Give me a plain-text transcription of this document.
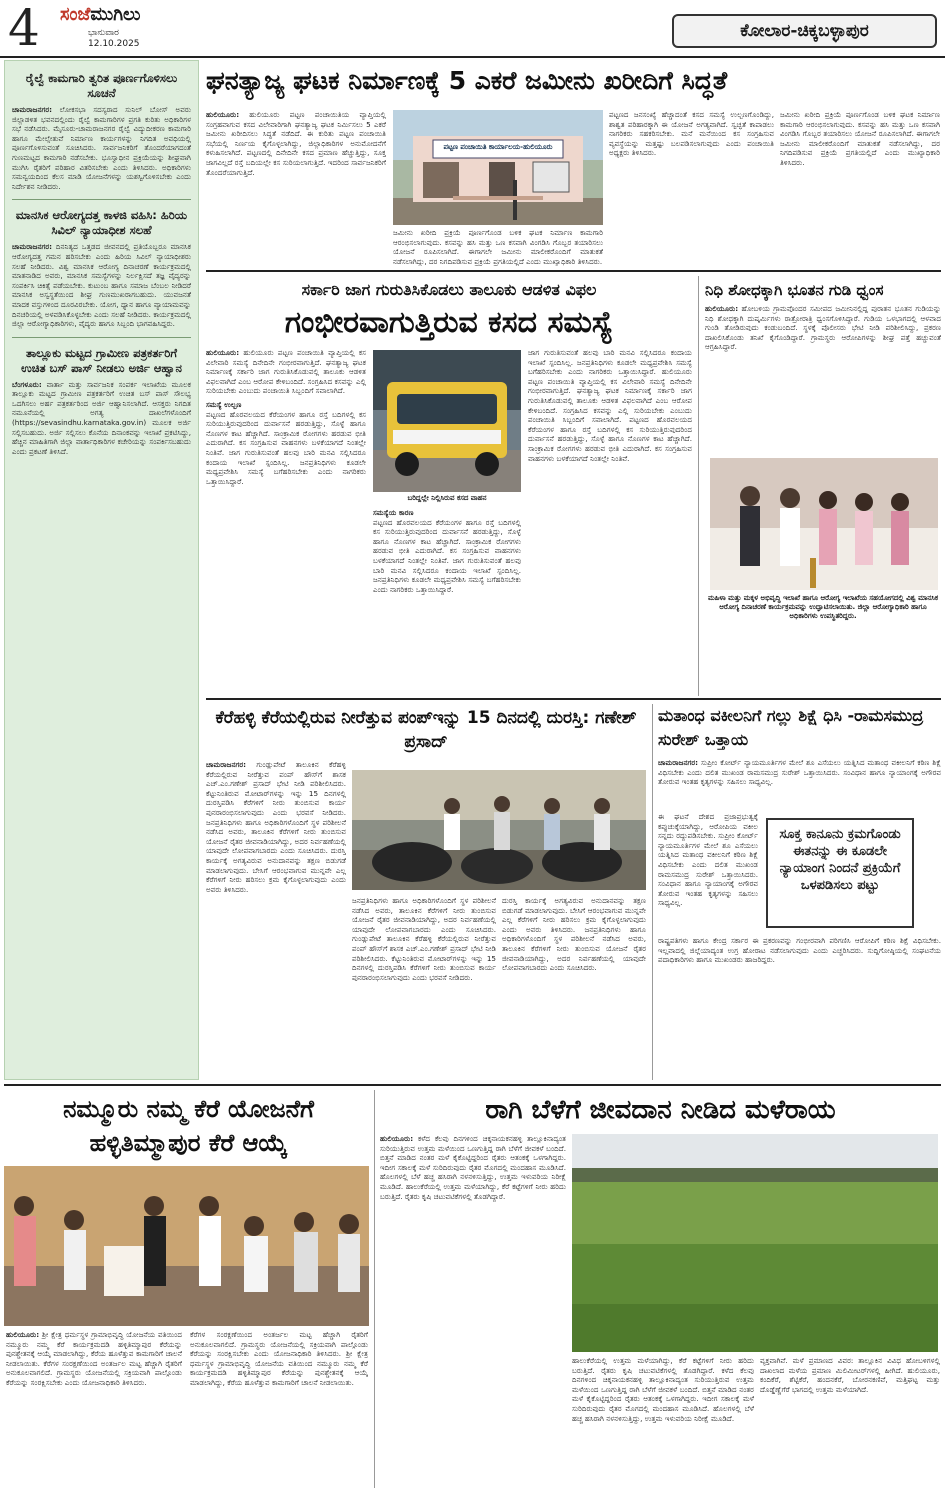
4 ಸಂಜೆಮುಗಿಲು
ಭಾನುವಾರ
12.10.2025
ಕೋಲಾರ-ಚಿಕ್ಕಬಳ್ಳಾಪುರ
ರೈಲ್ವೆ ಕಾಮಗಾರಿ ತ್ವರಿತ ಪೂರ್ಣಗೊಳಿಸಲು ಸೂಚನೆ
ಚಾಮರಾಜನಗರ: ಲೋಕಸಭಾ ಸದಸ್ಯರಾದ ಸುನಿಲ್ ಬೋಸ್ ಅವರು ಜಿಲ್ಲಾಡಳಿತ ಭವನದಲ್ಲಿಂದು ರೈಲ್ವೆ ಕಾಮಗಾರಿಗಳ ಪ್ರಗತಿ ಕುರಿತು ಅಧಿಕಾರಿಗಳ ಸಭೆ ನಡೆಸಿದರು. ಮೈಸೂರು-ಚಾಮರಾಜನಗರ ರೈಲ್ವೆ ವಿದ್ಯುದೀಕರಣ ಕಾಮಗಾರಿ ಹಾಗೂ ಮೇಲ್ಸೇತುವೆ ನಿರ್ಮಾಣ ಕಾರ್ಯಗಳನ್ನು ನಿಗದಿತ ಅವಧಿಯಲ್ಲಿ ಪೂರ್ಣಗೊಳಿಸುವಂತೆ ಸೂಚಿಸಿದರು. ಸಾರ್ವಜನಿಕರಿಗೆ ತೊಂದರೆಯಾಗದಂತೆ ಗುಣಮಟ್ಟದ ಕಾಮಗಾರಿ ನಡೆಸಬೇಕು. ಭೂಸ್ವಾಧೀನ ಪ್ರಕ್ರಿಯೆಯನ್ನು ಶೀಘ್ರವಾಗಿ ಮುಗಿಸಿ ರೈತರಿಗೆ ಪರಿಹಾರ ವಿತರಿಸಬೇಕು ಎಂದು ತಿಳಿಸಿದರು. ಅಧಿಕಾರಿಗಳು ಸಮನ್ವಯದಿಂದ ಕೆಲಸ ಮಾಡಿ ಯೋಜನೆಗಳನ್ನು ಯಶಸ್ವಿಗೊಳಿಸಬೇಕು ಎಂದು ನಿರ್ದೇಶನ ನೀಡಿದರು.
ಮಾನಸಿಕ ಆರೋಗ್ಯದತ್ತ ಕಾಳಜಿ ವಹಿಸಿ: ಹಿರಿಯ ಸಿವಿಲ್ ನ್ಯಾಯಾಧೀಶ ಸಲಹೆ
ಚಾಮರಾಜನಗರ: ದಿನನಿತ್ಯದ ಒತ್ತಡದ ಜೀವನದಲ್ಲಿ ಪ್ರತಿಯೊಬ್ಬರೂ ಮಾನಸಿಕ ಆರೋಗ್ಯದತ್ತ ಗಮನ ಹರಿಸಬೇಕು ಎಂದು ಹಿರಿಯ ಸಿವಿಲ್ ನ್ಯಾಯಾಧೀಶರು ಸಲಹೆ ನೀಡಿದರು. ವಿಶ್ವ ಮಾನಸಿಕ ಆರೋಗ್ಯ ದಿನಾಚರಣೆ ಕಾರ್ಯಕ್ರಮದಲ್ಲಿ ಮಾತನಾಡಿದ ಅವರು, ಮಾನಸಿಕ ಸಮಸ್ಯೆಗಳನ್ನು ನಿರ್ಲಕ್ಷಿಸದೆ ತಜ್ಞ ವೈದ್ಯರನ್ನು ಸಂಪರ್ಕಿಸಿ ಚಿಕಿತ್ಸೆ ಪಡೆಯಬೇಕು. ಕುಟುಂಬ ಹಾಗೂ ಸಮಾಜ ಬೆಂಬಲ ನೀಡಿದರೆ ಮಾನಸಿಕ ಅಸ್ವಸ್ಥತೆಯಿಂದ ಶೀಘ್ರ ಗುಣಮುಖರಾಗಬಹುದು. ಯುವಜನತೆ ಮಾದಕ ವಸ್ತುಗಳಿಂದ ದೂರವಿರಬೇಕು. ಯೋಗ, ಧ್ಯಾನ ಹಾಗೂ ವ್ಯಾಯಾಮವನ್ನು ದಿನಚರಿಯಲ್ಲಿ ಅಳವಡಿಸಿಕೊಳ್ಳಬೇಕು ಎಂದು ಸಲಹೆ ನೀಡಿದರು. ಕಾರ್ಯಕ್ರಮದಲ್ಲಿ ಜಿಲ್ಲಾ ಆರೋಗ್ಯಾಧಿಕಾರಿಗಳು, ವೈದ್ಯರು ಹಾಗೂ ಸಿಬ್ಬಂದಿ ಭಾಗವಹಿಸಿದ್ದರು.
ತಾಲ್ಲೂಕು ಮಟ್ಟದ ಗ್ರಾಮೀಣ ಪತ್ರಕರ್ತರಿಗೆ ಉಚಿತ ಬಸ್ ಪಾಸ್ ನೀಡಲು ಅರ್ಜಿ ಆಹ್ವಾನ
ಬೆಂಗಳೂರು: ವಾರ್ತಾ ಮತ್ತು ಸಾರ್ವಜನಿಕ ಸಂಪರ್ಕ ಇಲಾಖೆಯ ಮೂಲಕ ತಾಲ್ಲೂಕು ಮಟ್ಟದ ಗ್ರಾಮೀಣ ಪತ್ರಕರ್ತರಿಗೆ ಉಚಿತ ಬಸ್ ಪಾಸ್ ಸೌಲಭ್ಯ ಒದಗಿಸಲು ಅರ್ಹ ಪತ್ರಕರ್ತರಿಂದ ಅರ್ಜಿ ಆಹ್ವಾನಿಸಲಾಗಿದೆ. ಆಸಕ್ತರು ನಿಗದಿತ ನಮೂನೆಯಲ್ಲಿ ಅಗತ್ಯ ದಾಖಲೆಗಳೊಂದಿಗೆ (https://sevasindhu.karnataka.gov.in) ಮೂಲಕ ಅರ್ಜಿ ಸಲ್ಲಿಸಬಹುದು. ಅರ್ಜಿ ಸಲ್ಲಿಸಲು ಕೊನೆಯ ದಿನಾಂಕವನ್ನು ಇಲಾಖೆ ಪ್ರಕಟಿಸಿದ್ದು, ಹೆಚ್ಚಿನ ಮಾಹಿತಿಗಾಗಿ ಜಿಲ್ಲಾ ವಾರ್ತಾಧಿಕಾರಿಗಳ ಕಚೇರಿಯನ್ನು ಸಂಪರ್ಕಿಸಬಹುದು ಎಂದು ಪ್ರಕಟಣೆ ತಿಳಿಸಿದೆ.
ಘನತ್ಯಾಜ್ಯ ಘಟಕ ನಿರ್ಮಾಣಕ್ಕೆ 5 ಎಕರೆ ಜಮೀನು ಖರೀದಿಗೆ ಸಿದ್ಧತೆ
ಹುಲಿಯೂರು: ಹುಲಿಯೂರು ಪಟ್ಟಣ ಪಂಚಾಯಿತಿಯ ವ್ಯಾಪ್ತಿಯಲ್ಲಿ ಸಂಗ್ರಹವಾಗುವ ಕಸದ ವಿಲೇವಾರಿಗಾಗಿ ಘನತ್ಯಾಜ್ಯ ಘಟಕ ನಿರ್ಮಿಸಲು 5 ಎಕರೆ ಜಮೀನು ಖರೀದಿಸಲು ಸಿದ್ಧತೆ ನಡೆದಿದೆ. ಈ ಕುರಿತು ಪಟ್ಟಣ ಪಂಚಾಯಿತಿ ಸಭೆಯಲ್ಲಿ ನಿರ್ಣಯ ಕೈಗೊಳ್ಳಲಾಗಿದ್ದು, ಜಿಲ್ಲಾಧಿಕಾರಿಗಳ ಅನುಮೋದನೆಗೆ ಕಳುಹಿಸಲಾಗಿದೆ. ಪಟ್ಟಣದಲ್ಲಿ ದಿನೇದಿನೇ ಕಸದ ಪ್ರಮಾಣ ಹೆಚ್ಚುತ್ತಿದ್ದು, ಸೂಕ್ತ ಜಾಗವಿಲ್ಲದೆ ರಸ್ತೆ ಬದಿಯಲ್ಲೇ ಕಸ ಸುರಿಯಲಾಗುತ್ತಿದೆ. ಇದರಿಂದ ಸಾರ್ವಜನಿಕರಿಗೆ ತೊಂದರೆಯಾಗುತ್ತಿದೆ.
ಪಟ್ಟಣ ಪಂಚಾಯಿತಿ ಕಾರ್ಯಾಲಯ-ಹುಲಿಯೂರು
ಜಮೀನು ಖರೀದಿ ಪ್ರಕ್ರಿಯೆ ಪೂರ್ಣಗೊಂಡ ಬಳಿಕ ಘಟಕ ನಿರ್ಮಾಣ ಕಾಮಗಾರಿ ಆರಂಭಿಸಲಾಗುವುದು. ಕಸವನ್ನು ಹಸಿ ಮತ್ತು ಒಣ ಕಸವಾಗಿ ವಿಂಗಡಿಸಿ ಗೊಬ್ಬರ ತಯಾರಿಸಲು ಯೋಜನೆ ರೂಪಿಸಲಾಗಿದೆ. ಈಗಾಗಲೇ ಜಮೀನು ಮಾಲೀಕರೊಂದಿಗೆ ಮಾತುಕತೆ ನಡೆಸಲಾಗಿದ್ದು, ದರ ನಿಗದಿಪಡಿಸುವ ಪ್ರಕ್ರಿಯೆ ಪ್ರಗತಿಯಲ್ಲಿದೆ ಎಂದು ಮುಖ್ಯಾಧಿಕಾರಿ ತಿಳಿಸಿದರು.
ಪಟ್ಟಣದ ಜನಸಂಖ್ಯೆ ಹೆಚ್ಚಾದಂತೆ ಕಸದ ಸಮಸ್ಯೆ ಉಲ್ಬಣಗೊಂಡಿದ್ದು, ಶಾಶ್ವತ ಪರಿಹಾರಕ್ಕಾಗಿ ಈ ಯೋಜನೆ ಅಗತ್ಯವಾಗಿದೆ. ಸ್ವಚ್ಛತೆ ಕಾಪಾಡಲು ನಾಗರಿಕರು ಸಹಕರಿಸಬೇಕು. ಮನೆ ಮನೆಯಿಂದ ಕಸ ಸಂಗ್ರಹಿಸುವ ವ್ಯವಸ್ಥೆಯನ್ನು ಮತ್ತಷ್ಟು ಬಲಪಡಿಸಲಾಗುವುದು ಎಂದು ಪಂಚಾಯಿತಿ ಅಧ್ಯಕ್ಷರು ತಿಳಿಸಿದರು.
ಜಮೀನು ಖರೀದಿ ಪ್ರಕ್ರಿಯೆ ಪೂರ್ಣಗೊಂಡ ಬಳಿಕ ಘಟಕ ನಿರ್ಮಾಣ ಕಾಮಗಾರಿ ಆರಂಭಿಸಲಾಗುವುದು. ಕಸವನ್ನು ಹಸಿ ಮತ್ತು ಒಣ ಕಸವಾಗಿ ವಿಂಗಡಿಸಿ ಗೊಬ್ಬರ ತಯಾರಿಸಲು ಯೋಜನೆ ರೂಪಿಸಲಾಗಿದೆ. ಈಗಾಗಲೇ ಜಮೀನು ಮಾಲೀಕರೊಂದಿಗೆ ಮಾತುಕತೆ ನಡೆಸಲಾಗಿದ್ದು, ದರ ನಿಗದಿಪಡಿಸುವ ಪ್ರಕ್ರಿಯೆ ಪ್ರಗತಿಯಲ್ಲಿದೆ ಎಂದು ಮುಖ್ಯಾಧಿಕಾರಿ ತಿಳಿಸಿದರು.
ಸರ್ಕಾರಿ ಜಾಗ ಗುರುತಿಸಿಕೊಡಲು ತಾಲೂಕು ಆಡಳಿತ ವಿಫಲ
ಗಂಭೀರವಾಗುತ್ತಿರುವ ಕಸದ ಸಮಸ್ಯೆ
ಹುಲಿಯೂರು: ಹುಲಿಯೂರು ಪಟ್ಟಣ ಪಂಚಾಯಿತಿ ವ್ಯಾಪ್ತಿಯಲ್ಲಿ ಕಸ ವಿಲೇವಾರಿ ಸಮಸ್ಯೆ ದಿನೇದಿನೇ ಗಂಭೀರವಾಗುತ್ತಿದೆ. ಘನತ್ಯಾಜ್ಯ ಘಟಕ ನಿರ್ಮಾಣಕ್ಕೆ ಸರ್ಕಾರಿ ಜಾಗ ಗುರುತಿಸಿಕೊಡುವಲ್ಲಿ ತಾಲೂಕು ಆಡಳಿತ ವಿಫಲವಾಗಿದೆ ಎಂಬ ಆರೋಪ ಕೇಳಿಬಂದಿದೆ. ಸಂಗ್ರಹಿಸಿದ ಕಸವನ್ನು ಎಲ್ಲಿ ಸುರಿಯಬೇಕು ಎಂಬುದು ಪಂಚಾಯಿತಿ ಸಿಬ್ಬಂದಿಗೆ ಸವಾಲಾಗಿದೆ.
ಸಮಸ್ಯೆ ಉಲ್ಬಣ
ಪಟ್ಟಣದ ಹೊರವಲಯದ ಕೆರೆಯಂಗಳ ಹಾಗೂ ರಸ್ತೆ ಬದಿಗಳಲ್ಲಿ ಕಸ ಸುರಿಯುತ್ತಿರುವುದರಿಂದ ದುರ್ವಾಸನೆ ಹರಡುತ್ತಿದ್ದು, ಸೊಳ್ಳೆ ಹಾಗೂ ನೊಣಗಳ ಕಾಟ ಹೆಚ್ಚಾಗಿದೆ. ಸಾಂಕ್ರಾಮಿಕ ರೋಗಗಳು ಹರಡುವ ಭೀತಿ ಎದುರಾಗಿದೆ. ಕಸ ಸಂಗ್ರಹಿಸುವ ವಾಹನಗಳು ಬಳಕೆಯಾಗದೆ ನಿಂತಲ್ಲೇ ನಿಂತಿವೆ. ಜಾಗ ಗುರುತಿಸುವಂತೆ ಹಲವು ಬಾರಿ ಮನವಿ ಸಲ್ಲಿಸಿದರೂ ಕಂದಾಯ ಇಲಾಖೆ ಸ್ಪಂದಿಸಿಲ್ಲ. ಜನಪ್ರತಿನಿಧಿಗಳು ಕೂಡಲೇ ಮಧ್ಯಪ್ರವೇಶಿಸಿ ಸಮಸ್ಯೆ ಬಗೆಹರಿಸಬೇಕು ಎಂದು ನಾಗರಿಕರು ಒತ್ತಾಯಿಸಿದ್ದಾರೆ.
ಬರಿದ್ದಲ್ಲೇ ನಿಲ್ಲಿಸಿರುವ ಕಸದ ವಾಹನ
ಸಮಸ್ಯೆಯ ಕಾರಣ
ಪಟ್ಟಣದ ಹೊರವಲಯದ ಕೆರೆಯಂಗಳ ಹಾಗೂ ರಸ್ತೆ ಬದಿಗಳಲ್ಲಿ ಕಸ ಸುರಿಯುತ್ತಿರುವುದರಿಂದ ದುರ್ವಾಸನೆ ಹರಡುತ್ತಿದ್ದು, ಸೊಳ್ಳೆ ಹಾಗೂ ನೊಣಗಳ ಕಾಟ ಹೆಚ್ಚಾಗಿದೆ. ಸಾಂಕ್ರಾಮಿಕ ರೋಗಗಳು ಹರಡುವ ಭೀತಿ ಎದುರಾಗಿದೆ. ಕಸ ಸಂಗ್ರಹಿಸುವ ವಾಹನಗಳು ಬಳಕೆಯಾಗದೆ ನಿಂತಲ್ಲೇ ನಿಂತಿವೆ. ಜಾಗ ಗುರುತಿಸುವಂತೆ ಹಲವು ಬಾರಿ ಮನವಿ ಸಲ್ಲಿಸಿದರೂ ಕಂದಾಯ ಇಲಾಖೆ ಸ್ಪಂದಿಸಿಲ್ಲ. ಜನಪ್ರತಿನಿಧಿಗಳು ಕೂಡಲೇ ಮಧ್ಯಪ್ರವೇಶಿಸಿ ಸಮಸ್ಯೆ ಬಗೆಹರಿಸಬೇಕು ಎಂದು ನಾಗರಿಕರು ಒತ್ತಾಯಿಸಿದ್ದಾರೆ.
ಜಾಗ ಗುರುತಿಸುವಂತೆ ಹಲವು ಬಾರಿ ಮನವಿ ಸಲ್ಲಿಸಿದರೂ ಕಂದಾಯ ಇಲಾಖೆ ಸ್ಪಂದಿಸಿಲ್ಲ. ಜನಪ್ರತಿನಿಧಿಗಳು ಕೂಡಲೇ ಮಧ್ಯಪ್ರವೇಶಿಸಿ ಸಮಸ್ಯೆ ಬಗೆಹರಿಸಬೇಕು ಎಂದು ನಾಗರಿಕರು ಒತ್ತಾಯಿಸಿದ್ದಾರೆ. ಹುಲಿಯೂರು ಪಟ್ಟಣ ಪಂಚಾಯಿತಿ ವ್ಯಾಪ್ತಿಯಲ್ಲಿ ಕಸ ವಿಲೇವಾರಿ ಸಮಸ್ಯೆ ದಿನೇದಿನೇ ಗಂಭೀರವಾಗುತ್ತಿದೆ. ಘನತ್ಯಾಜ್ಯ ಘಟಕ ನಿರ್ಮಾಣಕ್ಕೆ ಸರ್ಕಾರಿ ಜಾಗ ಗುರುತಿಸಿಕೊಡುವಲ್ಲಿ ತಾಲೂಕು ಆಡಳಿತ ವಿಫಲವಾಗಿದೆ ಎಂಬ ಆರೋಪ ಕೇಳಿಬಂದಿದೆ. ಸಂಗ್ರಹಿಸಿದ ಕಸವನ್ನು ಎಲ್ಲಿ ಸುರಿಯಬೇಕು ಎಂಬುದು ಪಂಚಾಯಿತಿ ಸಿಬ್ಬಂದಿಗೆ ಸವಾಲಾಗಿದೆ. ಪಟ್ಟಣದ ಹೊರವಲಯದ ಕೆರೆಯಂಗಳ ಹಾಗೂ ರಸ್ತೆ ಬದಿಗಳಲ್ಲಿ ಕಸ ಸುರಿಯುತ್ತಿರುವುದರಿಂದ ದುರ್ವಾಸನೆ ಹರಡುತ್ತಿದ್ದು, ಸೊಳ್ಳೆ ಹಾಗೂ ನೊಣಗಳ ಕಾಟ ಹೆಚ್ಚಾಗಿದೆ. ಸಾಂಕ್ರಾಮಿಕ ರೋಗಗಳು ಹರಡುವ ಭೀತಿ ಎದುರಾಗಿದೆ. ಕಸ ಸಂಗ್ರಹಿಸುವ ವಾಹನಗಳು ಬಳಕೆಯಾಗದೆ ನಿಂತಲ್ಲೇ ನಿಂತಿವೆ.
ನಿಧಿ ಶೋಧಕ್ಕಾಗಿ ಭೂತನ ಗುಡಿ ಧ್ವಂಸ
ಹುಲಿಯೂರು: ಹೋಬಳಿಯ ಗ್ರಾಮವೊಂದರ ಸಮೀಪದ ಜಮೀನಿನಲ್ಲಿದ್ದ ಪುರಾತನ ಭೂತನ ಗುಡಿಯನ್ನು ನಿಧಿ ಶೋಧಕ್ಕಾಗಿ ದುಷ್ಕರ್ಮಿಗಳು ರಾತ್ರೋರಾತ್ರಿ ಧ್ವಂಸಗೊಳಿಸಿದ್ದಾರೆ. ಗುಡಿಯ ಒಳಭಾಗದಲ್ಲಿ ಆಳವಾದ ಗುಂಡಿ ತೋಡಿರುವುದು ಕಂಡುಬಂದಿದೆ. ಸ್ಥಳಕ್ಕೆ ಪೊಲೀಸರು ಭೇಟಿ ನೀಡಿ ಪರಿಶೀಲಿಸಿದ್ದು, ಪ್ರಕರಣ ದಾಖಲಿಸಿಕೊಂಡು ತನಿಖೆ ಕೈಗೊಂಡಿದ್ದಾರೆ. ಗ್ರಾಮಸ್ಥರು ಆರೋಪಿಗಳನ್ನು ಶೀಘ್ರ ಪತ್ತೆ ಹಚ್ಚುವಂತೆ ಆಗ್ರಹಿಸಿದ್ದಾರೆ.
ಮಹಿಳಾ ಮತ್ತು ಮಕ್ಕಳ ಅಭಿವೃದ್ಧಿ ಇಲಾಖೆ ಹಾಗೂ ಆರೋಗ್ಯ ಇಲಾಖೆಯ ಸಹಯೋಗದಲ್ಲಿ ವಿಶ್ವ ಮಾನಸಿಕ ಆರೋಗ್ಯ ದಿನಾಚರಣೆ ಕಾರ್ಯಕ್ರಮವನ್ನು ಉದ್ಘಾಟಿಸಲಾಯಿತು. ಜಿಲ್ಲಾ ಆರೋಗ್ಯಾಧಿಕಾರಿ ಹಾಗೂ ಅಧಿಕಾರಿಗಳು ಉಪಸ್ಥಿತರಿದ್ದರು.
ಕೆರೆಹಳ್ಳಿ ಕೆರೆಯಲ್ಲಿರುವ ನೀರೆತ್ತುವ ಪಂಪ್‌ಇನ್ನು 15 ದಿನದಲ್ಲಿ ದುರಸ್ತಿ: ಗಣೇಶ್ ಪ್ರಸಾದ್
ಚಾಮರಾಜನಗರ: ಗುಂಡ್ಲುಪೇಟೆ ತಾಲೂಕಿನ ಕೆರೆಹಳ್ಳಿ ಕೆರೆಯಲ್ಲಿರುವ ನೀರೆತ್ತುವ ಪಂಪ್ ಹೌಸ್‌ಗೆ ಶಾಸಕ ಎಚ್.ಎಂ.ಗಣೇಶ್ ಪ್ರಸಾದ್ ಭೇಟಿ ನೀಡಿ ಪರಿಶೀಲಿಸಿದರು. ಕೆಟ್ಟುನಿಂತಿರುವ ಮೋಟಾರ್‌ಗಳನ್ನು ಇನ್ನು 15 ದಿನಗಳಲ್ಲಿ ದುರಸ್ತಿಪಡಿಸಿ ಕೆರೆಗಳಿಗೆ ನೀರು ತುಂಬಿಸುವ ಕಾರ್ಯ ಪುನರಾರಂಭಿಸಲಾಗುವುದು ಎಂದು ಭರವಸೆ ನೀಡಿದರು. ಜನಪ್ರತಿನಿಧಿಗಳು ಹಾಗೂ ಅಧಿಕಾರಿಗಳೊಂದಿಗೆ ಸ್ಥಳ ಪರಿಶೀಲನೆ ನಡೆಸಿದ ಅವರು, ತಾಲೂಕಿನ ಕೆರೆಗಳಿಗೆ ನೀರು ತುಂಬಿಸುವ ಯೋಜನೆ ರೈತರ ಜೀವನಾಡಿಯಾಗಿದ್ದು, ಅದರ ನಿರ್ವಹಣೆಯಲ್ಲಿ ಯಾವುದೇ ಲೋಪವಾಗಬಾರದು ಎಂದು ಸೂಚಿಸಿದರು. ದುರಸ್ತಿ ಕಾರ್ಯಕ್ಕೆ ಅಗತ್ಯವಿರುವ ಅನುದಾನವನ್ನು ತಕ್ಷಣ ಬಿಡುಗಡೆ ಮಾಡಲಾಗುವುದು. ಬೇಸಿಗೆ ಆರಂಭವಾಗುವ ಮುನ್ನವೇ ಎಲ್ಲ ಕೆರೆಗಳಿಗೆ ನೀರು ಹರಿಸಲು ಕ್ರಮ ಕೈಗೊಳ್ಳಲಾಗುವುದು ಎಂದು ಅವರು ತಿಳಿಸಿದರು.
ಜನಪ್ರತಿನಿಧಿಗಳು ಹಾಗೂ ಅಧಿಕಾರಿಗಳೊಂದಿಗೆ ಸ್ಥಳ ಪರಿಶೀಲನೆ ನಡೆಸಿದ ಅವರು, ತಾಲೂಕಿನ ಕೆರೆಗಳಿಗೆ ನೀರು ತುಂಬಿಸುವ ಯೋಜನೆ ರೈತರ ಜೀವನಾಡಿಯಾಗಿದ್ದು, ಅದರ ನಿರ್ವಹಣೆಯಲ್ಲಿ ಯಾವುದೇ ಲೋಪವಾಗಬಾರದು ಎಂದು ಸೂಚಿಸಿದರು. ಗುಂಡ್ಲುಪೇಟೆ ತಾಲೂಕಿನ ಕೆರೆಹಳ್ಳಿ ಕೆರೆಯಲ್ಲಿರುವ ನೀರೆತ್ತುವ ಪಂಪ್ ಹೌಸ್‌ಗೆ ಶಾಸಕ ಎಚ್.ಎಂ.ಗಣೇಶ್ ಪ್ರಸಾದ್ ಭೇಟಿ ನೀಡಿ ಪರಿಶೀಲಿಸಿದರು. ಕೆಟ್ಟುನಿಂತಿರುವ ಮೋಟಾರ್‌ಗಳನ್ನು ಇನ್ನು 15 ದಿನಗಳಲ್ಲಿ ದುರಸ್ತಿಪಡಿಸಿ ಕೆರೆಗಳಿಗೆ ನೀರು ತುಂಬಿಸುವ ಕಾರ್ಯ ಪುನರಾರಂಭಿಸಲಾಗುವುದು ಎಂದು ಭರವಸೆ ನೀಡಿದರು.
ದುರಸ್ತಿ ಕಾರ್ಯಕ್ಕೆ ಅಗತ್ಯವಿರುವ ಅನುದಾನವನ್ನು ತಕ್ಷಣ ಬಿಡುಗಡೆ ಮಾಡಲಾಗುವುದು. ಬೇಸಿಗೆ ಆರಂಭವಾಗುವ ಮುನ್ನವೇ ಎಲ್ಲ ಕೆರೆಗಳಿಗೆ ನೀರು ಹರಿಸಲು ಕ್ರಮ ಕೈಗೊಳ್ಳಲಾಗುವುದು ಎಂದು ಅವರು ತಿಳಿಸಿದರು. ಜನಪ್ರತಿನಿಧಿಗಳು ಹಾಗೂ ಅಧಿಕಾರಿಗಳೊಂದಿಗೆ ಸ್ಥಳ ಪರಿಶೀಲನೆ ನಡೆಸಿದ ಅವರು, ತಾಲೂಕಿನ ಕೆರೆಗಳಿಗೆ ನೀರು ತುಂಬಿಸುವ ಯೋಜನೆ ರೈತರ ಜೀವನಾಡಿಯಾಗಿದ್ದು, ಅದರ ನಿರ್ವಹಣೆಯಲ್ಲಿ ಯಾವುದೇ ಲೋಪವಾಗಬಾರದು ಎಂದು ಸೂಚಿಸಿದರು.
ಮತಾಂಧ ವಕೀಲನಿಗೆ ಗಲ್ಲು ಶಿಕ್ಷೆ ಧಿಸಿ -ರಾಮಸಮುದ್ರ ಸುರೇಶ್ ಒತ್ತಾಯ
ಚಾಮರಾಜನಗರ: ಸುಪ್ರೀಂ ಕೋರ್ಟ್ ನ್ಯಾಯಮೂರ್ತಿಗಳ ಮೇಲೆ ಶೂ ಎಸೆಯಲು ಯತ್ನಿಸಿದ ಮತಾಂಧ ವಕೀಲನಿಗೆ ಕಠಿಣ ಶಿಕ್ಷೆ ವಿಧಿಸಬೇಕು ಎಂದು ದಲಿತ ಮುಖಂಡ ರಾಮಸಮುದ್ರ ಸುರೇಶ್ ಒತ್ತಾಯಿಸಿದರು. ಸಂವಿಧಾನ ಹಾಗೂ ನ್ಯಾಯಾಂಗಕ್ಕೆ ಅಗೌರವ ತೋರುವ ಇಂತಹ ಕೃತ್ಯಗಳನ್ನು ಸಹಿಸಲು ಸಾಧ್ಯವಿಲ್ಲ.
ಈ ಘಟನೆ ದೇಶದ ಪ್ರಜಾಪ್ರಭುತ್ವಕ್ಕೆ ಕಪ್ಪುಚುಕ್ಕೆಯಾಗಿದ್ದು, ಆರೋಪಿಯ ವಕೀಲ ಸನ್ನದು ರದ್ದುಪಡಿಸಬೇಕು. ಸುಪ್ರೀಂ ಕೋರ್ಟ್ ನ್ಯಾಯಮೂರ್ತಿಗಳ ಮೇಲೆ ಶೂ ಎಸೆಯಲು ಯತ್ನಿಸಿದ ಮತಾಂಧ ವಕೀಲನಿಗೆ ಕಠಿಣ ಶಿಕ್ಷೆ ವಿಧಿಸಬೇಕು ಎಂದು ದಲಿತ ಮುಖಂಡ ರಾಮಸಮುದ್ರ ಸುರೇಶ್ ಒತ್ತಾಯಿಸಿದರು. ಸಂವಿಧಾನ ಹಾಗೂ ನ್ಯಾಯಾಂಗಕ್ಕೆ ಅಗೌರವ ತೋರುವ ಇಂತಹ ಕೃತ್ಯಗಳನ್ನು ಸಹಿಸಲು ಸಾಧ್ಯವಿಲ್ಲ.
ಸೂಕ್ತ ಕಾನೂನು ಕ್ರಮಗೊಂಡು ಈತನನ್ನು ಈ ಕೂಡಲೇ ನ್ಯಾಯಾಂಗ ನಿಂದನೆ ಪ್ರಕ್ರಿಯೆಗೆ ಒಳಪಡಿಸಲು ಪಟ್ಟು
ರಾಷ್ಟ್ರಪತಿಗಳು ಹಾಗೂ ಕೇಂದ್ರ ಸರ್ಕಾರ ಈ ಪ್ರಕರಣವನ್ನು ಗಂಭೀರವಾಗಿ ಪರಿಗಣಿಸಿ ಆರೋಪಿಗೆ ಕಠಿಣ ಶಿಕ್ಷೆ ವಿಧಿಸಬೇಕು. ಇಲ್ಲವಾದಲ್ಲಿ ಜಿಲ್ಲೆಯಾದ್ಯಂತ ಉಗ್ರ ಹೋರಾಟ ನಡೆಸಲಾಗುವುದು ಎಂದು ಎಚ್ಚರಿಸಿದರು. ಸುದ್ದಿಗೋಷ್ಠಿಯಲ್ಲಿ ಸಂಘಟನೆಯ ಪದಾಧಿಕಾರಿಗಳು ಹಾಗೂ ಮುಖಂಡರು ಹಾಜರಿದ್ದರು.
ನಮ್ಮೂರು ನಮ್ಮ ಕೆರೆ ಯೋಜನೆಗೆ ಹಳ್ಳಿತಿಮ್ಮಾಪುರ ಕೆರೆ ಆಯ್ಕೆ
ಹುಲಿಯೂರು: ಶ್ರೀ ಕ್ಷೇತ್ರ ಧರ್ಮಸ್ಥಳ ಗ್ರಾಮಾಭಿವೃದ್ಧಿ ಯೋಜನೆಯ ವತಿಯಿಂದ ನಮ್ಮೂರು ನಮ್ಮ ಕೆರೆ ಕಾರ್ಯಕ್ರಮದಡಿ ಹಳ್ಳಿತಿಮ್ಮಾಪುರ ಕೆರೆಯನ್ನು ಪುನಶ್ಚೇತನಕ್ಕೆ ಆಯ್ಕೆ ಮಾಡಲಾಗಿದ್ದು, ಕೆರೆಯ ಹೂಳೆತ್ತುವ ಕಾಮಗಾರಿಗೆ ಚಾಲನೆ ನೀಡಲಾಯಿತು. ಕೆರೆಗಳ ಸಂರಕ್ಷಣೆಯಿಂದ ಅಂತರ್ಜಲ ಮಟ್ಟ ಹೆಚ್ಚಾಗಿ ರೈತರಿಗೆ ಅನುಕೂಲವಾಗಲಿದೆ. ಗ್ರಾಮಸ್ಥರು ಯೋಜನೆಯಲ್ಲಿ ಸಕ್ರಿಯವಾಗಿ ಪಾಲ್ಗೊಂಡು ಕೆರೆಯನ್ನು ಸಂರಕ್ಷಿಸಬೇಕು ಎಂದು ಯೋಜನಾಧಿಕಾರಿ ತಿಳಿಸಿದರು.
ಕೆರೆಗಳ ಸಂರಕ್ಷಣೆಯಿಂದ ಅಂತರ್ಜಲ ಮಟ್ಟ ಹೆಚ್ಚಾಗಿ ರೈತರಿಗೆ ಅನುಕೂಲವಾಗಲಿದೆ. ಗ್ರಾಮಸ್ಥರು ಯೋಜನೆಯಲ್ಲಿ ಸಕ್ರಿಯವಾಗಿ ಪಾಲ್ಗೊಂಡು ಕೆರೆಯನ್ನು ಸಂರಕ್ಷಿಸಬೇಕು ಎಂದು ಯೋಜನಾಧಿಕಾರಿ ತಿಳಿಸಿದರು. ಶ್ರೀ ಕ್ಷೇತ್ರ ಧರ್ಮಸ್ಥಳ ಗ್ರಾಮಾಭಿವೃದ್ಧಿ ಯೋಜನೆಯ ವತಿಯಿಂದ ನಮ್ಮೂರು ನಮ್ಮ ಕೆರೆ ಕಾರ್ಯಕ್ರಮದಡಿ ಹಳ್ಳಿತಿಮ್ಮಾಪುರ ಕೆರೆಯನ್ನು ಪುನಶ್ಚೇತನಕ್ಕೆ ಆಯ್ಕೆ ಮಾಡಲಾಗಿದ್ದು, ಕೆರೆಯ ಹೂಳೆತ್ತುವ ಕಾಮಗಾರಿಗೆ ಚಾಲನೆ ನೀಡಲಾಯಿತು.
ರಾಗಿ ಬೆಳೆಗೆ ಜೀವದಾನ ನೀಡಿದ ಮಳೆರಾಯ
ಹುಲಿಯೂರು: ಕಳೆದ ಕೆಲವು ದಿನಗಳಿಂದ ಚಿಕ್ಕನಾಯಕನಹಳ್ಳಿ ತಾಲ್ಲೂಕಿನಾದ್ಯಂತ ಸುರಿಯುತ್ತಿರುವ ಉತ್ತಮ ಮಳೆಯಿಂದ ಒಣಗುತ್ತಿದ್ದ ರಾಗಿ ಬೆಳೆಗೆ ಜೀವಕಳೆ ಬಂದಿದೆ. ಬಿತ್ತನೆ ಮಾಡಿದ ನಂತರ ಮಳೆ ಕೈಕೊಟ್ಟಿದ್ದರಿಂದ ರೈತರು ಆತಂಕಕ್ಕೆ ಒಳಗಾಗಿದ್ದರು. ಇದೀಗ ಸಕಾಲಕ್ಕೆ ಮಳೆ ಸುರಿದಿರುವುದು ರೈತರ ಮೊಗದಲ್ಲಿ ಮಂದಹಾಸ ಮೂಡಿಸಿದೆ. ಹೊಲಗಳಲ್ಲಿ ಬೆಳೆ ಹಚ್ಚ ಹಸಿರಾಗಿ ನಳನಳಿಸುತ್ತಿದ್ದು, ಉತ್ತಮ ಇಳುವರಿಯ ನಿರೀಕ್ಷೆ ಮೂಡಿದೆ. ಹಾಲುಕೆರೆಯಲ್ಲಿ ಉತ್ತಮ ಮಳೆಯಾಗಿದ್ದು, ಕೆರೆ ಕಟ್ಟೆಗಳಿಗೆ ನೀರು ಹರಿದು ಬರುತ್ತಿದೆ. ರೈತರು ಕೃಷಿ ಚಟುವಟಿಕೆಗಳಲ್ಲಿ ತೊಡಗಿದ್ದಾರೆ.
ಹಾಲುಕೆರೆಯಲ್ಲಿ ಉತ್ತಮ ಮಳೆಯಾಗಿದ್ದು, ಕೆರೆ ಕಟ್ಟೆಗಳಿಗೆ ನೀರು ಹರಿದು ಬರುತ್ತಿದೆ. ರೈತರು ಕೃಷಿ ಚಟುವಟಿಕೆಗಳಲ್ಲಿ ತೊಡಗಿದ್ದಾರೆ. ಕಳೆದ ಕೆಲವು ದಿನಗಳಿಂದ ಚಿಕ್ಕನಾಯಕನಹಳ್ಳಿ ತಾಲ್ಲೂಕಿನಾದ್ಯಂತ ಸುರಿಯುತ್ತಿರುವ ಉತ್ತಮ ಮಳೆಯಿಂದ ಒಣಗುತ್ತಿದ್ದ ರಾಗಿ ಬೆಳೆಗೆ ಜೀವಕಳೆ ಬಂದಿದೆ. ಬಿತ್ತನೆ ಮಾಡಿದ ನಂತರ ಮಳೆ ಕೈಕೊಟ್ಟಿದ್ದರಿಂದ ರೈತರು ಆತಂಕಕ್ಕೆ ಒಳಗಾಗಿದ್ದರು. ಇದೀಗ ಸಕಾಲಕ್ಕೆ ಮಳೆ ಸುರಿದಿರುವುದು ರೈತರ ಮೊಗದಲ್ಲಿ ಮಂದಹಾಸ ಮೂಡಿಸಿದೆ. ಹೊಲಗಳಲ್ಲಿ ಬೆಳೆ ಹಚ್ಚ ಹಸಿರಾಗಿ ನಳನಳಿಸುತ್ತಿದ್ದು, ಉತ್ತಮ ಇಳುವರಿಯ ನಿರೀಕ್ಷೆ ಮೂಡಿದೆ.
ವ್ಯಕ್ತವಾಗಿವೆ. ಮಳೆ ಪ್ರಮಾಣದ ವಿವರ: ತಾಲ್ಲೂಕಿನ ವಿವಿಧ ಹೋಬಳಿಗಳಲ್ಲಿ ದಾಖಲಾದ ಮಳೆಯ ಪ್ರಮಾಣ ಮಿಲಿಮೀಟರ್‌ಗಳಲ್ಲಿ ಹೀಗಿದೆ. ಹುಲಿಯೂರು, ಕಂದಿಕೆರೆ, ಶೆಟ್ಟಿಕೆರೆ, ಹಂದನಕೆರೆ, ಬೋರನಕಣಿವೆ, ಮತ್ತಿಘಟ್ಟ ಮತ್ತು ದೊಡ್ಡೆಣ್ಣೆಗೆರೆ ಭಾಗದಲ್ಲಿ ಉತ್ತಮ ಮಳೆಯಾಗಿದೆ.
